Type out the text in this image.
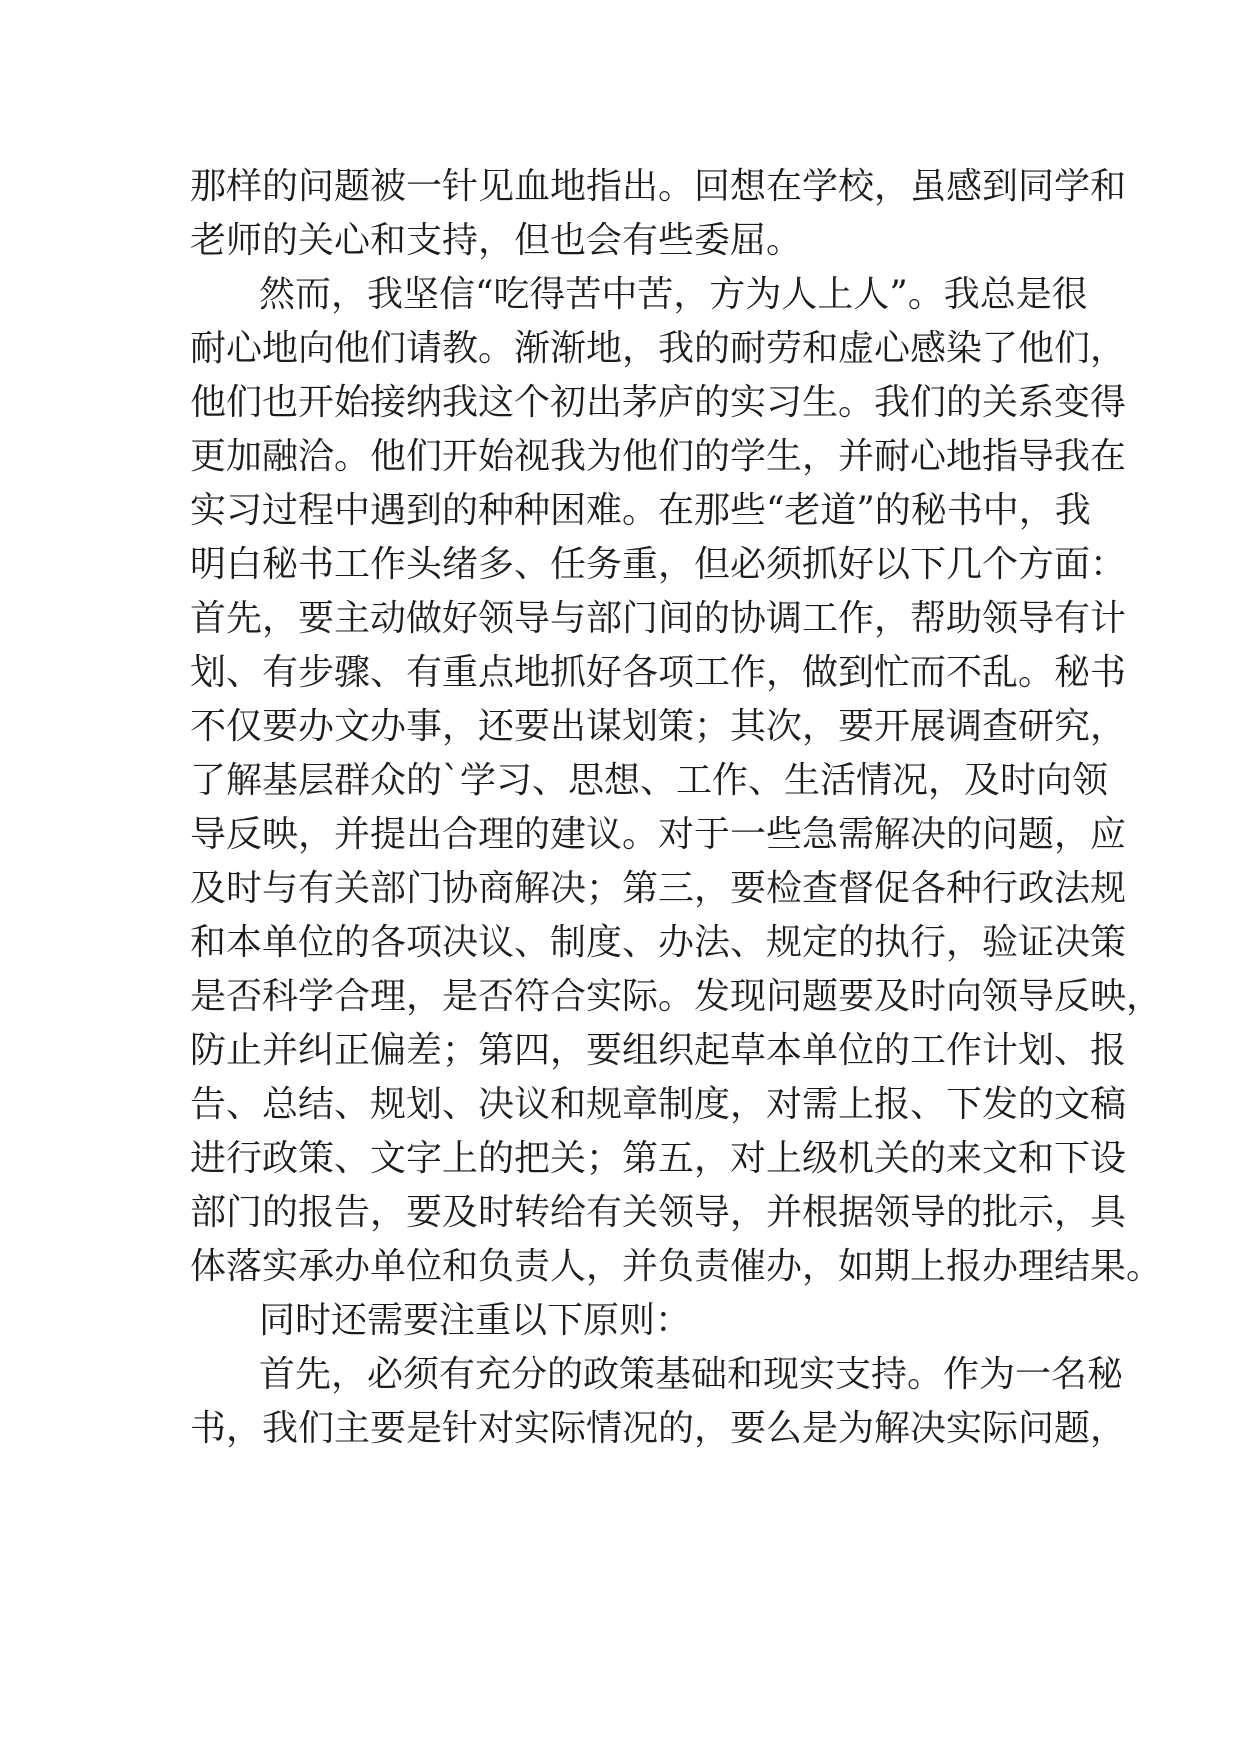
那样的问题被一针见血地指出。回想在学校，虽感到同学和
老师的关心和支持，但也会有些委屈。
然而，我坚信“吃得苦中苦，方为人上人”。我总是很
耐心地向他们请教。渐渐地，我的耐劳和虚心感染了他们，
他们也开始接纳我这个初出茅庐的实习生。我们的关系变得
更加融洽。他们开始视我为他们的学生，并耐心地指导我在
实习过程中遇到的种种困难。在那些“老道”的秘书中，我
明白秘书工作头绪多、任务重，但必须抓好以下几个方面：
首先，要主动做好领导与部门间的协调工作，帮助领导有计
划、有步骤、有重点地抓好各项工作，做到忙而不乱。秘书
不仅要办文办事，还要出谋划策；其次，要开展调查研究，
了解基层群众的`学习、思想、工作、生活情况，及时向领
导反映，并提出合理的建议。对于一些急需解决的问题，应
及时与有关部门协商解决；第三，要检查督促各种行政法规
和本单位的各项决议、制度、办法、规定的执行，验证决策
是否科学合理，是否符合实际。发现问题要及时向领导反映，
防止并纠正偏差；第四，要组织起草本单位的工作计划、报
告、总结、规划、决议和规章制度，对需上报、下发的文稿
进行政策、文字上的把关；第五，对上级机关的来文和下设
部门的报告，要及时转给有关领导，并根据领导的批示，具
体落实承办单位和负责人，并负责催办，如期上报办理结果。
同时还需要注重以下原则：
首先，必须有充分的政策基础和现实支持。作为一名秘
书，我们主要是针对实际情况的，要么是为解决实际问题，
